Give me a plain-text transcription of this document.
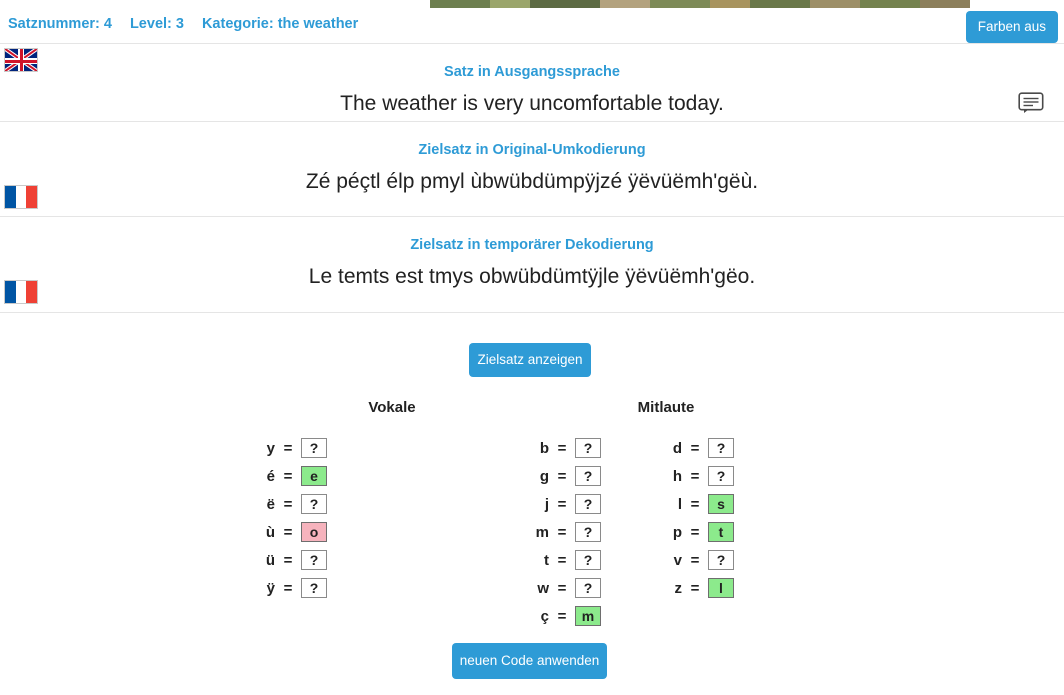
Satznummer: 4 Level: 3 Kategorie: the weather	Farben aus
Satz in Ausgangssprache
The weather is very uncomfortable today.
Zielsatz in Original-Umkodierung
Zé péçtl élp pmyl ùbwübdümpÿjzé ÿëvüëmh'gëù.
Zielsatz in temporärer Dekodierung
Le temts est tmys obwübdümtÿjle ÿëvüëmh'gëo.
Zielsatz anzeigen
neuen Code anwenden
Vokale	Mitlaute
y =	?
é =	e
ë =	?
ù =	o
ü =	?
ÿ =	?
b =	?
g =	?
j =	?
m =	?
t =	?
w =	?
ç =	m
d =	?
h =	?
l =	s
p =	t
v =	?
z =	l
